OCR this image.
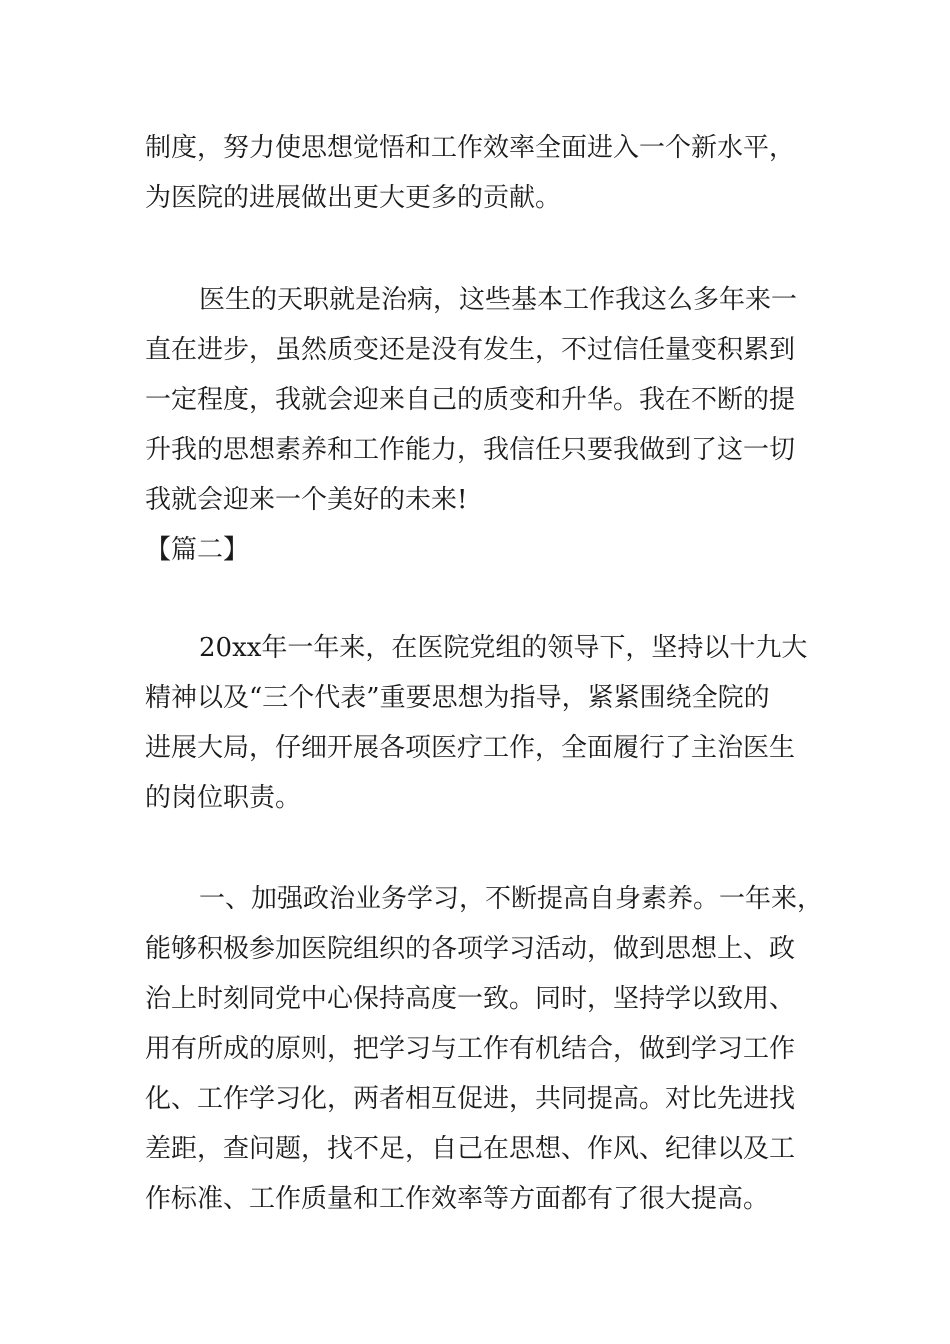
制度，努力使思想觉悟和工作效率全面进入一个新水平，

为医院的进展做出更大更多的贡献。

医生的天职就是治病，这些基本工作我这么多年来一

直在进步，虽然质变还是没有发生，不过信任量变积累到

一定程度，我就会迎来自己的质变和升华。我在不断的提

升我的思想素养和工作能力，我信任只要我做到了这一切

我就会迎来一个美好的未来!

【篇二】

20xx年一年来，在医院党组的领导下，坚持以十九大

精神以及“三个代表”重要思想为指导，紧紧围绕全院的

进展大局，仔细开展各项医疗工作，全面履行了主治医生

的岗位职责。

一、加强政治业务学习，不断提高自身素养。一年来，

能够积极参加医院组织的各项学习活动，做到思想上、政

治上时刻同党中心保持高度一致。同时，坚持学以致用、

用有所成的原则，把学习与工作有机结合，做到学习工作

化、工作学习化，两者相互促进，共同提高。对比先进找

差距，查问题，找不足，自己在思想、作风、纪律以及工

作标准、工作质量和工作效率等方面都有了很大提高。
